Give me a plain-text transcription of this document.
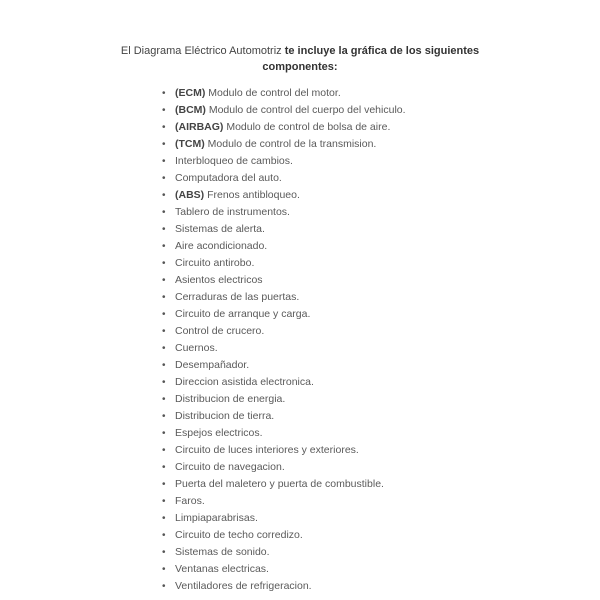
El Diagrama Eléctrico Automotriz te incluye la gráfica de los siguientes componentes:
• (ECM) Modulo de control del motor.
• (BCM) Modulo de control del cuerpo del vehiculo.
• (AIRBAG) Modulo de control de bolsa de aire.
• (TCM) Modulo de control de la transmision.
• Interbloqueo de cambios.
• Computadora del auto.
• (ABS) Frenos antibloqueo.
• Tablero de instrumentos.
• Sistemas de alerta.
• Aire acondicionado.
• Circuito antirobo.
• Asientos electricos
• Cerraduras de las puertas.
• Circuito de arranque y carga.
• Control de crucero.
• Cuernos.
• Desempañador.
• Direccion asistida electronica.
• Distribucion de energia.
• Distribucion de tierra.
• Espejos electricos.
• Circuito de luces interiores y exteriores.
• Circuito de navegacion.
• Puerta del maletero y puerta de combustible.
• Faros.
• Limpiaparabrisas.
• Circuito de techo corredizo.
• Sistemas de sonido.
• Ventanas electricas.
• Ventiladores de refrigeracion.
